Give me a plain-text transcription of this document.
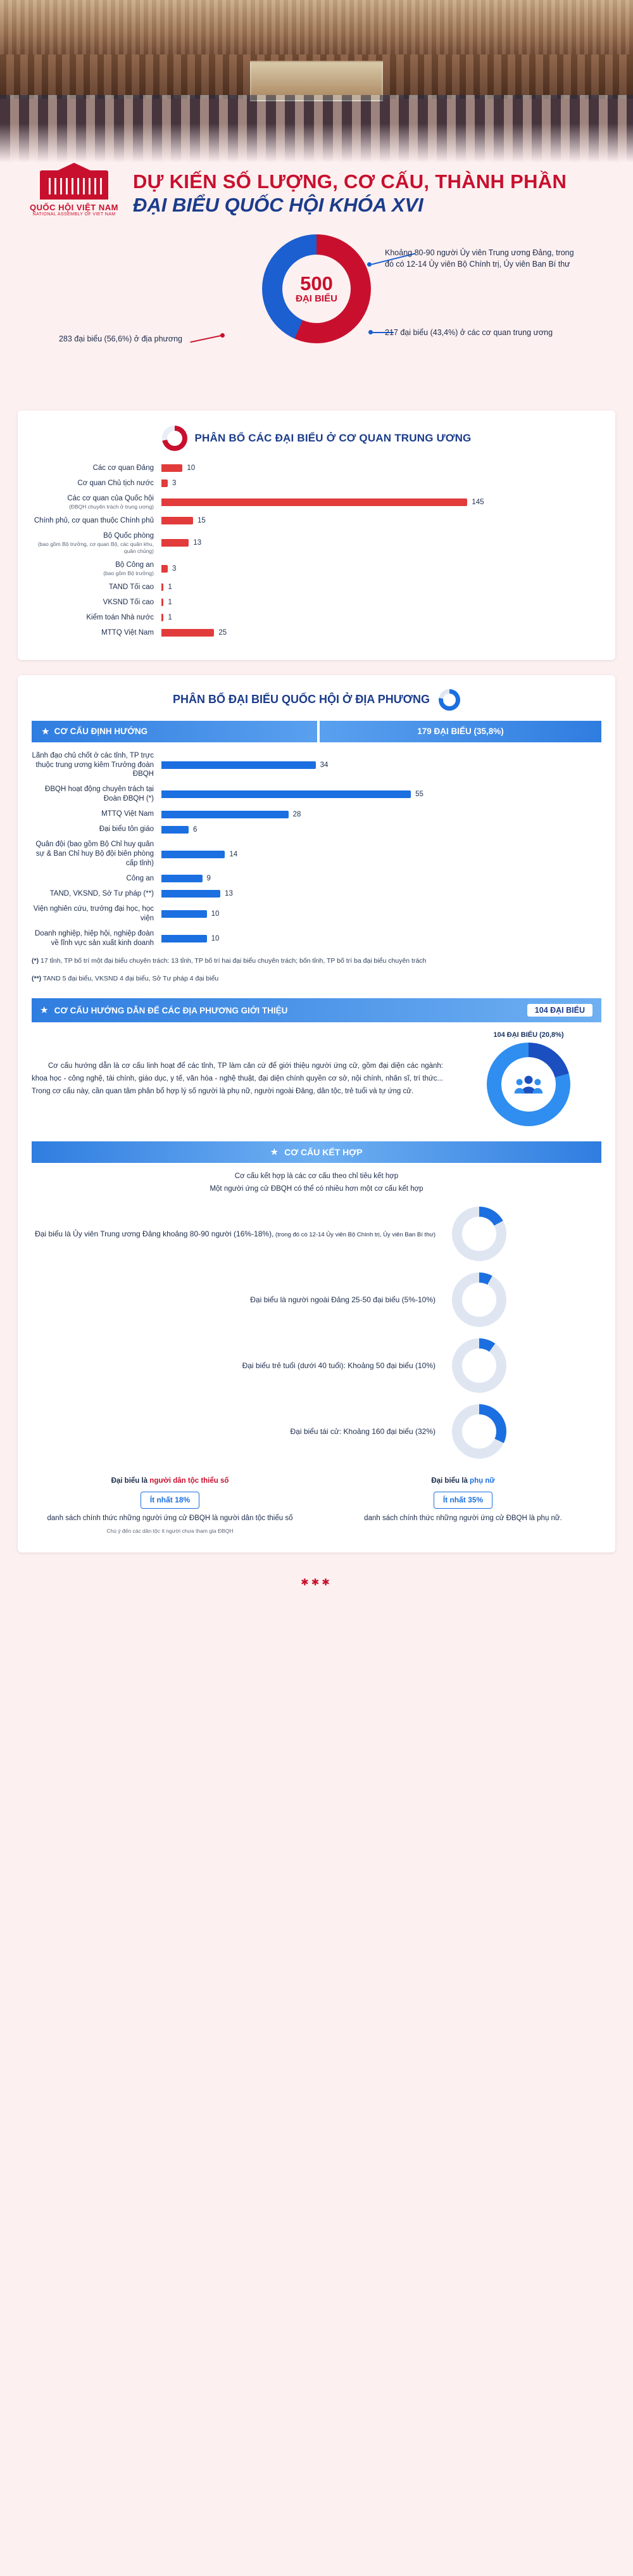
QUỐC HỘI VIỆT NAM
NATIONAL ASSEMBLY OF VIET NAM
DỰ KIẾN SỐ LƯỢNG, CƠ CẤU, THÀNH PHẦN
ĐẠI BIỂU QUỐC HỘI KHÓA XVI
500
ĐẠI BIỂU
Khoảng 80-90 người Ủy viên Trung ương Đảng, trong đó có 12-14 Ủy viên Bộ Chính trị, Ủy viên Ban Bí thư
217 đại biểu (43,4%) ở các cơ quan trung ương
283 đại biểu (56,6%) ở địa phương
PHÂN BỔ CÁC ĐẠI BIỂU Ở CƠ QUAN TRUNG ƯƠNG
Các cơ quan Đảng	10
Cơ quan Chủ tịch nước	3
Các cơ quan của Quốc hội
(ĐBQH chuyên trách ở trung ương)
145
Chính phủ, cơ quan thuộc Chính phủ	15
Bộ Quốc phòng
(bao gồm Bộ trưởng, cơ quan Bộ, các quân khu, quân chủng)
13
Bộ Công an
(bao gồm Bộ trưởng)
3
TAND Tối cao	1
VKSND Tối cao	1
Kiểm toán Nhà nước	1
MTTQ Việt Nam	25
PHÂN BỔ ĐẠI BIỂU QUỐC HỘI Ở ĐỊA PHƯƠNG
★ CƠ CẤU ĐỊNH HƯỚNG	179 ĐẠI BIỂU (35,8%)
Lãnh đạo chủ chốt ở các tỉnh, TP trực thuộc trung ương kiêm Trưởng đoàn ĐBQH
34
ĐBQH hoạt động chuyên trách tại Đoàn ĐBQH (*)
55
MTTQ Việt Nam	28
Đại biểu tôn giáo	6
Quân đội (bao gồm Bộ Chỉ huy quân sự & Ban Chỉ huy Bộ đội biên phòng cấp tỉnh)
14
Công an	9
TAND, VKSND, Sở Tư pháp (**)	13
Viện nghiên cứu, trưởng đại học, học viện
10
Doanh nghiệp, hiệp hội, nghiệp đoàn về lĩnh vực sản xuất kinh doanh
10
(*) 17 tỉnh, TP bố trí một đại biểu chuyên trách: 13 tỉnh, TP bố trí hai đại biểu chuyên trách; bốn tỉnh, TP bố trí ba đại biểu chuyên trách
(**) TAND 5 đại biểu, VKSND 4 đại biểu, Sở Tư pháp 4 đại biểu
★ CƠ CẤU HƯỚNG DẪN ĐỂ CÁC ĐỊA PHƯƠNG GIỚI THIỆU	104 ĐẠI BIỂU
Cơ cấu hướng dẫn là cơ cấu linh hoạt để các tỉnh, TP làm căn cứ để giới thiệu người ứng cử, gồm đại diện các ngành: khoa học - công nghệ, tài chính, giáo dục, y tế, văn hóa - nghệ thuật, đại diện chính quyền cơ sở, nội chính, nhân sĩ, trí thức... Trong cơ cấu này, cần quan tâm phân bổ hợp lý số người là phụ nữ, người ngoài Đảng, dân tộc, trẻ tuổi và tự ứng cử.
104 ĐẠI BIỂU (20,8%)
★ CƠ CẤU KẾT HỢP
Cơ cấu kết hợp là các cơ cấu theo chỉ tiêu kết hợp
Một người ứng cử ĐBQH có thể có nhiều hơn một cơ cấu kết hợp
Đại biểu là Ủy viên Trung ương Đảng khoảng 80-90 người (16%-18%), (trong đó có 12-14 Ủy viên Bộ Chính trị, Ủy viên Ban Bí thư)
Đại biểu là người ngoài Đảng 25-50 đại biểu (5%-10%)
Đại biểu trẻ tuổi (dưới 40 tuổi): Khoảng 50 đại biểu (10%)
Đại biểu tái cử: Khoảng 160 đại biểu (32%)
Đại biểu là người dân tộc thiểu số
Ít nhất 18%
danh sách chính thức những người ứng cử ĐBQH là người dân tộc thiểu số
Chú ý đến các dân tộc ít người chưa tham gia ĐBQH
Đại biểu là phụ nữ
Ít nhất 35%
danh sách chính thức những người ứng cử ĐBQH là phụ nữ.
✱✱✱
